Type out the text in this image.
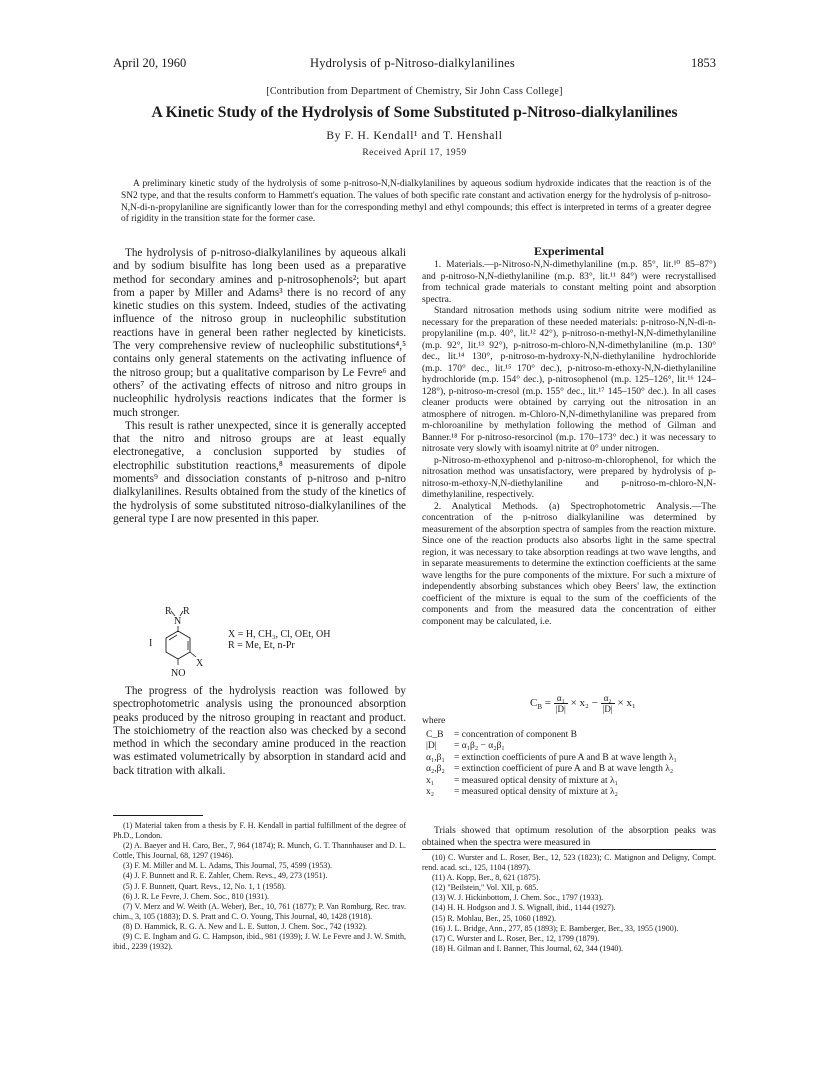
April 20, 1960	Hydrolysis of p-Nitroso-dialkylanilines	1853
[Contribution from Department of Chemistry, Sir John Cass College]
A Kinetic Study of the Hydrolysis of Some Substituted p-Nitroso-dialkylanilines
By F. H. Kendall¹ and T. Henshall
Received April 17, 1959
A preliminary kinetic study of the hydrolysis of some p-nitroso-N,N-dialkylanilines by aqueous sodium hydroxide indicates that the reaction is of the SN2 type, and that the results conform to Hammett's equation. The values of both specific rate constant and activation energy for the hydrolysis of p-nitroso-N,N-di-n-propylaniline are significantly lower than for the corresponding methyl and ethyl compounds; this effect is interpreted in terms of a greater degree of rigidity in the transition state for the former case.

The hydrolysis of p-nitroso-dialkylanilines by aqueous alkali and by sodium bisulfite has long been used as a preparative method for secondary amines and p-nitrosophenols²; but apart from a paper by Miller and Adams³ there is no record of any kinetic studies on this system. Indeed, studies of the activating influence of the nitroso group in nucleophilic substitution reactions have in general been rather neglected by kineticists. The very comprehensive review of nucleophilic substitutions⁴,⁵ contains only general statements on the activating influence of the nitroso group; but a qualitative comparison by Le Fevre⁶ and others⁷ of the activating effects of nitroso and nitro groups in nucleophilic hydrolysis reactions indicates that the former is much stronger.

This result is rather unexpected, since it is generally accepted that the nitro and nitroso groups are at least equally electronegative, a conclusion supported by studies of electrophilic substitution reactions,⁸ measurements of dipole moments⁹ and dissociation constants of p-nitroso and p-nitro dialkylanilines. Results obtained from the study of the kinetics of the hydrolysis of some substituted nitroso-dialkylanilines of the general type I are now presented in this paper.

R R
N
X
NO
I
X = H, CH₃, Cl, OEt, OH
R = Me, Et, n-Pr

The progress of the hydrolysis reaction was followed by spectrophotometric analysis using the pronounced absorption peaks produced by the nitroso grouping in reactant and product. The stoichiometry of the reaction also was checked by a second method in which the secondary amine produced in the reaction was estimated volumetrically by absorption in standard acid and back titration with alkali.

(1) Material taken from a thesis by F. H. Kendall in partial fulfillment of the degree of Ph.D., London.

(2) A. Baeyer and H. Caro, Ber., 7, 964 (1874); R. Munch, G. T. Thannhauser and D. L. Cottle, This Journal, 68, 1297 (1946).

(3) F. M. Miller and M. L. Adams, This Journal, 75, 4599 (1953).

(4) J. F. Bunnett and R. E. Zahler, Chem. Revs., 49, 273 (1951).

(5) J. F. Bunnett, Quart. Revs., 12, No. 1, 1 (1958).

(6) J. R. Le Fevre, J. Chem. Soc., 810 (1931).

(7) V. Merz and W. Weith (A. Weber), Ber., 10, 761 (1877); P. Van Romburg, Rec. trav. chim., 3, 105 (1883); D. S. Pratt and C. O. Young, This Journal, 40, 1428 (1918).

(8) D. Hammick, R. G. A. New and L. E. Sutton, J. Chem. Soc., 742 (1932).

(9) C. E. Ingham and G. C. Hampson, ibid., 981 (1939); J. W. Le Fevre and J. W. Smith, ibid., 2239 (1932).

Experimental

1. Materials.—p-Nitroso-N,N-dimethylaniline (m.p. 85°, lit.¹⁰ 85–87°) and p-nitroso-N,N-diethylaniline (m.p. 83°, lit.¹¹ 84°) were recrystallised from technical grade materials to constant melting point and absorption spectra.

Standard nitrosation methods using sodium nitrite were modified as necessary for the preparation of these needed materials: p-nitroso-N,N-di-n-propylaniline (m.p. 40°, lit.¹² 42°), p-nitroso-n-methyl-N,N-dimethylaniline (m.p. 92°, lit.¹³ 92°), p-nitroso-m-chloro-N,N-dimethylaniline (m.p. 130° dec., lit.¹⁴ 130°, p-nitroso-m-hydroxy-N,N-diethylaniline hydrochloride (m.p. 170° dec., lit.¹⁵ 170° dec.), p-nitroso-m-ethoxy-N,N-diethylaniline hydrochloride (m.p. 154° dec.), p-nitrosophenol (m.p. 125–126°, lit.¹⁶ 124–128°), p-nitroso-m-cresol (m.p. 155° dec., lit.¹⁷ 145–150° dec.). In all cases cleaner products were obtained by carrying out the nitrosation in an atmosphere of nitrogen. m-Chloro-N,N-dimethylaniline was prepared from m-chloroaniline by methylation following the method of Gilman and Banner.¹⁸ For p-nitroso-resorcinol (m.p. 170–173° dec.) it was necessary to nitrosate very slowly with isoamyl nitrite at 0° under nitrogen.

p-Nitroso-m-ethoxyphenol and p-nitroso-m-chlorophenol, for which the nitrosation method was unsatisfactory, were prepared by hydrolysis of p-nitroso-m-ethoxy-N,N-diethylaniline and p-nitroso-m-chloro-N,N-dimethylaniline, respectively.

2. Analytical Methods. (a) Spectrophotometric Analysis.—The concentration of the p-nitroso dialkylaniline was determined by measurement of the absorption spectra of samples from the reaction mixture. Since one of the reaction products also absorbs light in the same spectral region, it was necessary to take absorption readings at two wave lengths, and in separate measurements to determine the extinction coefficients at the same wave lengths for the pure components of the mixture. For such a mixture of independently absorbing substances which obey Beers' law, the extinction coefficient of the mixture is equal to the sum of the coefficients of the components and from the measured data the concentration of either component may be calculated, i.e.

$C_B = \frac{\text{α₁}}{|D|} \times x_2 - \frac{\text{α₂}}{|D|} \times x_1$
where
C_B	= concentration of component B
|D|	= α₁β₂ − α₂β₁
α₁,β₁ = extinction coefficients of pure A and B at wave length λ₁
α₂,β₂ = extinction coefficient of pure A and B at wave length λ₂
x₁	= measured optical density of mixture at λ₁
x₂	= measured optical density of mixture at λ₂
Trials showed that optimum resolution of the absorption peaks was obtained when the spectra were measured in

(10) C. Wurster and L. Roser, Ber., 12, 523 (1823); C. Matignon and Deligny, Compt. rend. acad. sci., 125, 1104 (1897).

(11) A. Kopp, Ber., 8, 621 (1875).

(12) "Beilstein," Vol. XII, p. 685.

(13) W. J. Hickinbottom, J. Chem. Soc., 1797 (1933).

(14) H. H. Hodgson and J. S. Wignall, ibid., 1144 (1927).

(15) R. Mohlau, Ber., 25, 1060 (1892).

(16) J. L. Bridge, Ann., 277, 85 (1893); E. Bamberger, Ber., 33, 1955 (1900).

(17) C. Wurster and L. Roser, Ber., 12, 1799 (1879).

(18) H. Gilman and I. Banner, This Journal, 62, 344 (1940).
